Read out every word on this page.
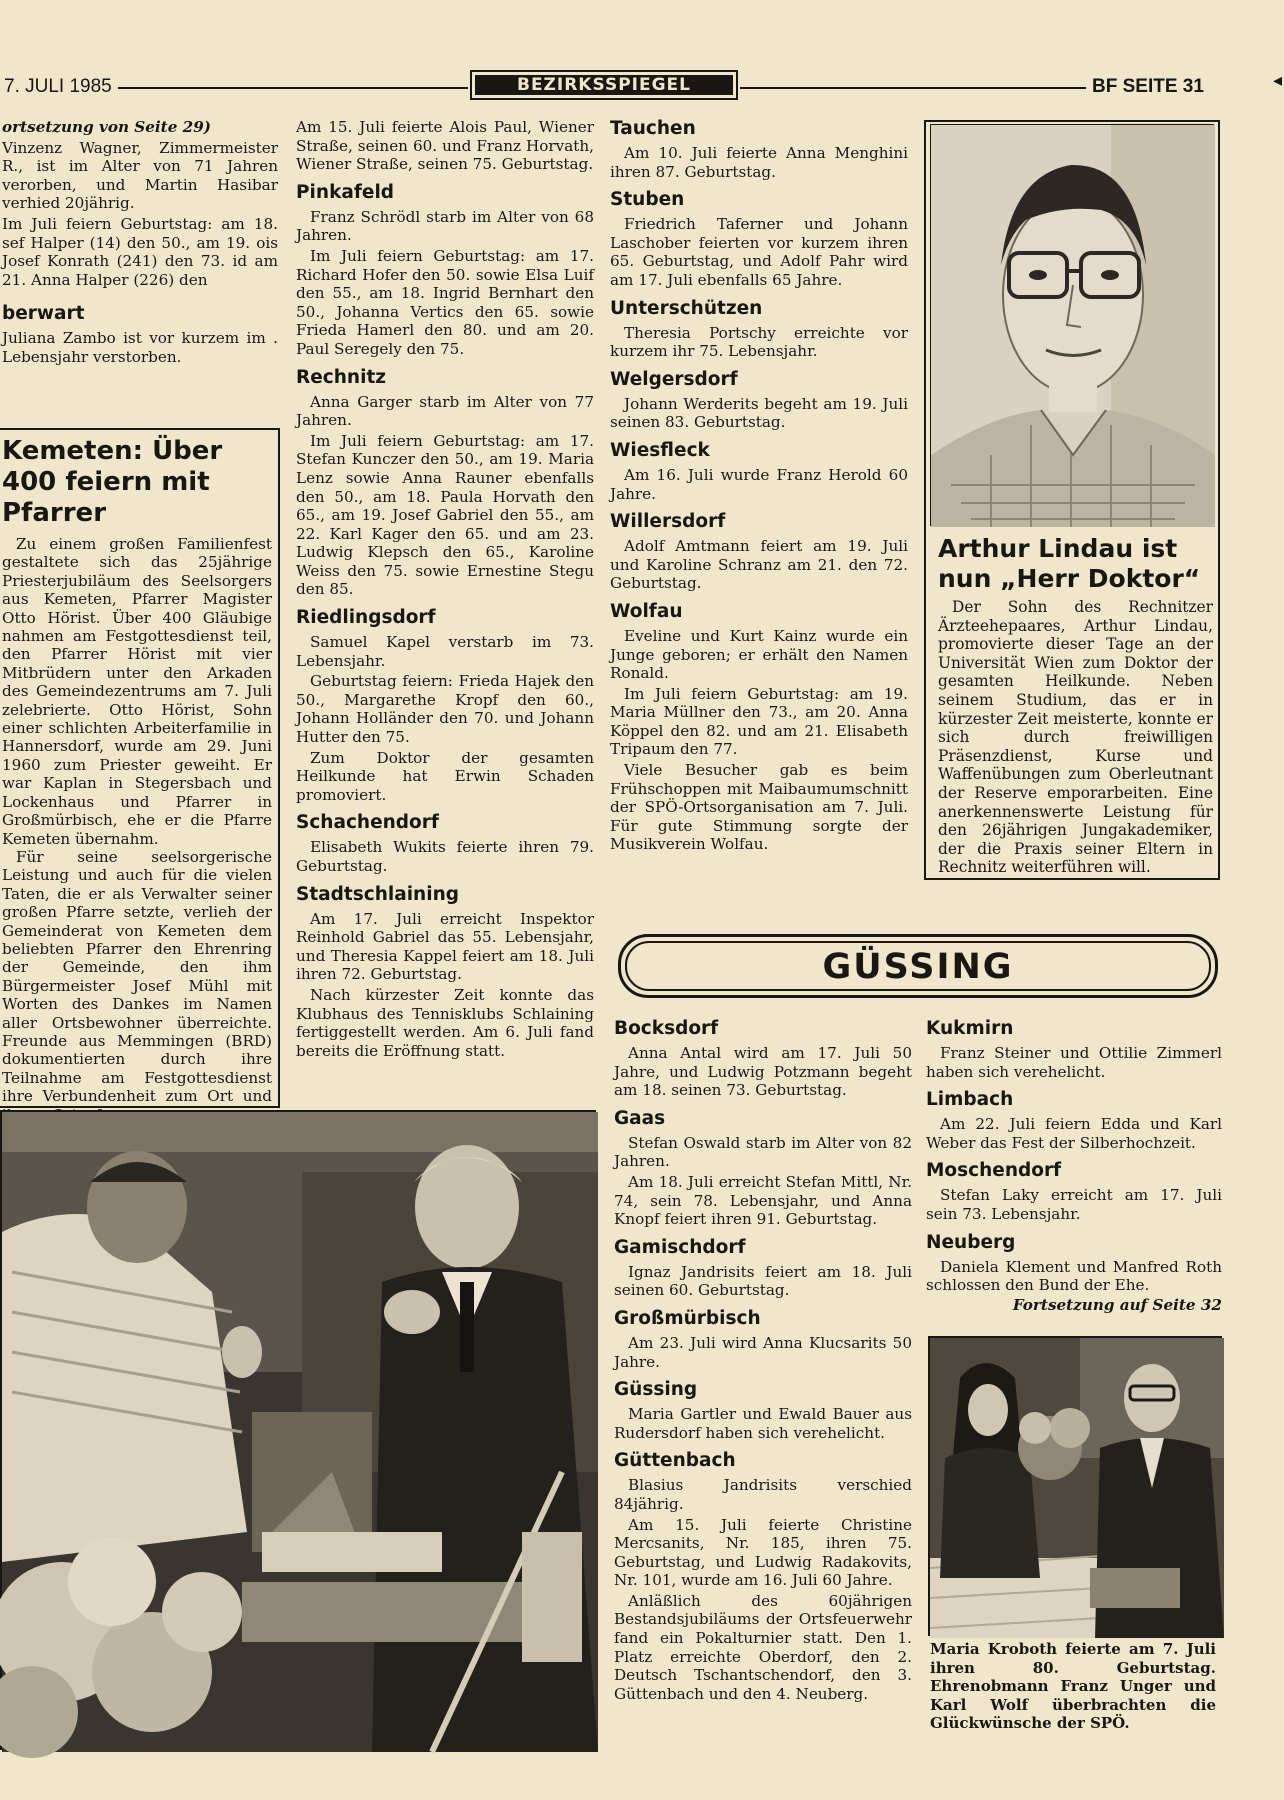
7. JULI 1985	BEZIRKSSPIEGEL	BF SEITE 31	◂

ortsetzung von Seite 29)

Vinzenz Wagner, Zimmermeister R., ist im Alter von 71 Jahren verorben, und Martin Hasibar verhied 20jährig.

Im Juli feiern Geburtstag: am 18. sef Halper (14) den 50., am 19. ois Josef Konrath (241) den 73. id am 21. Anna Halper (226) den

berwart

Juliana Zambo ist vor kurzem im . Lebensjahr verstorben.

Kemeten: Über 400 feiern mit Pfarrer

Zu einem großen Familienfest gestaltete sich das 25jährige Priesterjubiläum des Seelsorgers aus Kemeten, Pfarrer Magister Otto Hörist. Über 400 Gläubige nahmen am Festgottesdienst teil, den Pfarrer Hörist mit vier Mitbrüdern unter den Arkaden des Gemeindezentrums am 7. Juli zelebrierte. Otto Hörist, Sohn einer schlichten Arbeiterfamilie in Hannersdorf, wurde am 29. Juni 1960 zum Priester geweiht. Er war Kaplan in Stegersbach und Lockenhaus und Pfarrer in Großmürbisch, ehe er die Pfarre Kemeten übernahm.

Für seine seelsorgerische Leistung und auch für die vielen Taten, die er als Verwalter seiner großen Pfarre setzte, verlieh der Gemeinderat von Kemeten dem beliebten Pfarrer den Ehrenring der Gemeinde, den ihm Bürgermeister Josef Mühl mit Worten des Dankes im Namen aller Ortsbewohner überreichte. Freunde aus Memmingen (BRD) dokumentierten durch ihre Teilnahme am Festgottesdienst ihre Verbundenheit zum Ort und

Am 15. Juli feierte Alois Paul, Wiener Straße, seinen 60. und Franz Horvath, Wiener Straße, seinen 75. Geburtstag.

Pinkafeld

Franz Schrödl starb im Alter von 68 Jahren.

Im Juli feiern Geburtstag: am 17. Richard Hofer den 50. sowie Elsa Luif den 55., am 18. Ingrid Bernhart den 50., Johanna Vertics den 65. sowie Frieda Hamerl den 80. und am 20. Paul Seregely den 75.

Rechnitz

Anna Garger starb im Alter von 77 Jahren.

Im Juli feiern Geburtstag: am 17. Stefan Kunczer den 50., am 19. Maria Lenz sowie Anna Rauner ebenfalls den 50., am 18. Paula Horvath den 65., am 19. Josef Gabriel den 55., am 22. Karl Kager den 65. und am 23. Ludwig Klepsch den 65., Karoline Weiss den 75. sowie Ernestine Stegu den 85.

Riedlingsdorf

Samuel Kapel verstarb im 73. Lebensjahr.

Geburtstag feiern: Frieda Hajek den 50., Margarethe Kropf den 60., Johann Holländer den 70. und Johann Hutter den 75.

Zum Doktor der gesamten Heilkunde hat Erwin Schaden promoviert.

Schachendorf

Elisabeth Wukits feierte ihren 79. Geburtstag.

Stadtschlaining

Am 17. Juli erreicht Inspektor Reinhold Gabriel das 55. Lebensjahr, und Theresia Kappel feiert am 18. Juli ihren 72. Geburtstag.

Nach kürzester Zeit konnte das Klubhaus des Tennisklubs Schlaining fertiggestellt werden. Am 6. Juli fand bereits die Eröffnung statt.

Tauchen

Am 10. Juli feierte Anna Menghini ihren 87. Geburtstag.

Stuben

Friedrich Taferner und Johann Laschober feierten vor kurzem ihren 65. Geburtstag, und Adolf Pahr wird am 17. Juli ebenfalls 65 Jahre.

Unterschützen

Theresia Portschy erreichte vor kurzem ihr 75. Lebensjahr.

Welgersdorf

Johann Werderits begeht am 19. Juli seinen 83. Geburtstag.

Wiesfleck

Am 16. Juli wurde Franz Herold 60 Jahre.

Willersdorf

Adolf Amtmann feiert am 19. Juli und Karoline Schranz am 21. den 72. Geburtstag.

Wolfau

Eveline und Kurt Kainz wurde ein Junge geboren; er erhält den Namen Ronald.

Im Juli feiern Geburtstag: am 19. Maria Müllner den 73., am 20. Anna Köppel den 82. und am 21. Elisabeth Tripaum den 77.

Viele Besucher gab es beim Frühschoppen mit Maibaumumschnitt der SPÖ-Ortsorganisation am 7. Juli. Für gute Stimmung sorgte der Musikverein Wolfau.

Arthur Lindau ist nun „Herr Doktor“
Der Sohn des Rechnitzer Ärzteehepaares, Arthur Lindau, promovierte dieser Tage an der Universität Wien zum Doktor der gesamten Heilkunde. Neben seinem Studium, das er in kürzester Zeit meisterte, konnte er sich durch freiwilligen Präsenzdienst, Kurse und Waffenübungen zum Oberleutnant der Reserve emporarbeiten. Eine anerkennenswerte Leistung für den 26jährigen Jungakademiker, der die Praxis seiner Eltern in Rechnitz weiterführen will.
GÜSSING
Bocksdorf

Anna Antal wird am 17. Juli 50 Jahre, und Ludwig Potzmann begeht am 18. seinen 73. Geburtstag.

Gaas

Stefan Oswald starb im Alter von 82 Jahren.

Am 18. Juli erreicht Stefan Mittl, Nr. 74, sein 78. Lebensjahr, und Anna Knopf feiert ihren 91. Geburtstag.

Gamischdorf

Ignaz Jandrisits feiert am 18. Juli seinen 60. Geburtstag.

Großmürbisch

Am 23. Juli wird Anna Klucsarits 50 Jahre.

Güssing

Maria Gartler und Ewald Bauer aus Rudersdorf haben sich verehelicht.

Güttenbach

Blasius Jandrisits verschied 84jährig.

Am 15. Juli feierte Christine Mercsanits, Nr. 185, ihren 75. Geburtstag, und Ludwig Radakovits, Nr. 101, wurde am 16. Juli 60 Jahre.

Anläßlich des 60jährigen Bestandsjubiläums der Ortsfeuerwehr fand ein Pokalturnier statt. Den 1. Platz erreichte Oberdorf, den 2. Deutsch Tschantschendorf, den 3. Güttenbach und den 4. Neuberg.

Kukmirn

Franz Steiner und Ottilie Zimmerl haben sich verehelicht.

Limbach

Am 22. Juli feiern Edda und Karl Weber das Fest der Silberhochzeit.

Moschendorf

Stefan Laky erreicht am 17. Juli sein 73. Lebensjahr.

Neuberg

Daniela Klement und Manfred Roth schlossen den Bund der Ehe.

Fortsetzung auf Seite 32

Maria Kroboth feierte am 7. Juli ihren 80. Geburtstag. Ehrenobmann Franz Unger und Karl Wolf überbrachten die Glückwünsche der SPÖ.
